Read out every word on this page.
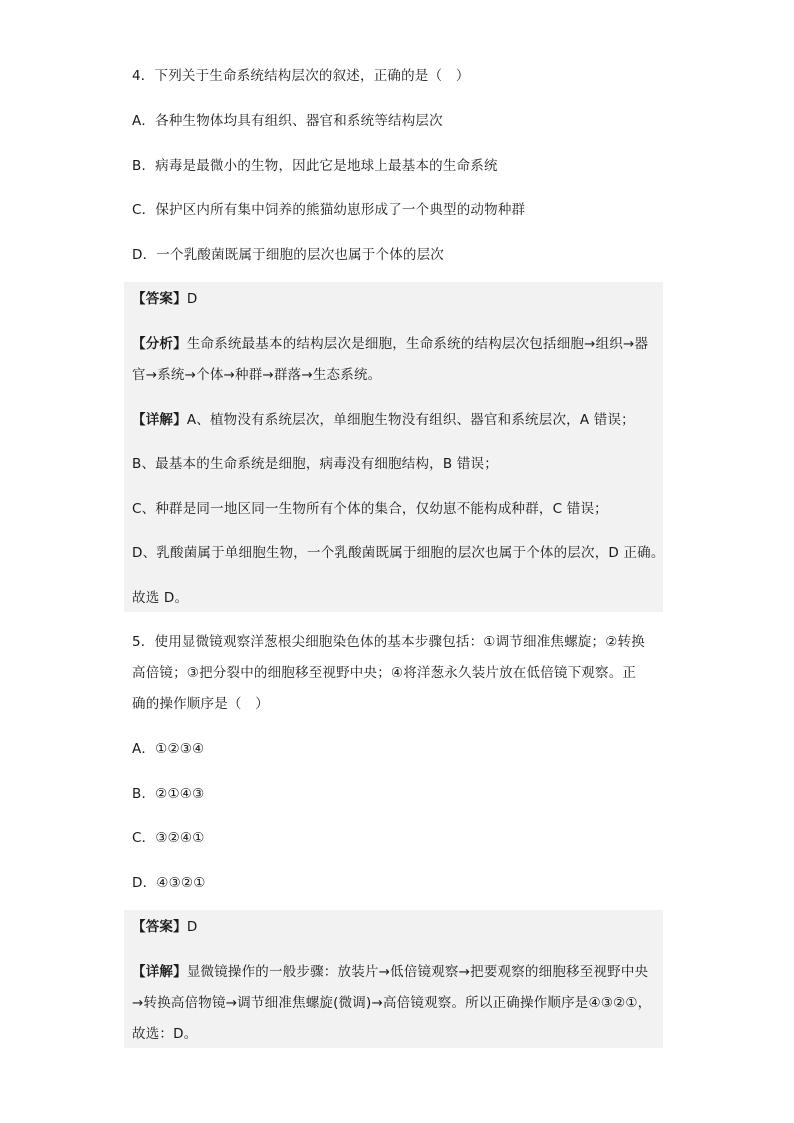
4．下列关于生命系统结构层次的叙述，正确的是（　）
A．各种生物体均具有组织、器官和系统等结构层次
B．病毒是最微小的生物，因此它是地球上最基本的生命系统
C．保护区内所有集中饲养的熊猫幼崽形成了一个典型的动物种群
D．一个乳酸菌既属于细胞的层次也属于个体的层次
【答案】D
【分析】生命系统最基本的结构层次是细胞，生命系统的结构层次包括细胞→组织→器
官→系统→个体→种群→群落→生态系统。
【详解】A、植物没有系统层次，单细胞生物没有组织、器官和系统层次，A 错误；
B、最基本的生命系统是细胞，病毒没有细胞结构，B 错误；
C、种群是同一地区同一生物所有个体的集合，仅幼崽不能构成种群，C 错误；
D、乳酸菌属于单细胞生物，一个乳酸菌既属于细胞的层次也属于个体的层次，D 正确。
故选 D。
5．使用显微镜观察洋葱根尖细胞染色体的基本步骤包括：①调节细准焦螺旋；②转换
高倍镜；③把分裂中的细胞移至视野中央；④将洋葱永久装片放在低倍镜下观察。正
确的操作顺序是（　）
A．①②③④
B．②①④③
C．③②④①
D．④③②①
【答案】D
【详解】显微镜操作的一般步骤：放装片→低倍镜观察→把要观察的细胞移至视野中央
→转换高倍物镜→调节细准焦螺旋(微调)→高倍镜观察。所以正确操作顺序是④③②①，
故选：D。
